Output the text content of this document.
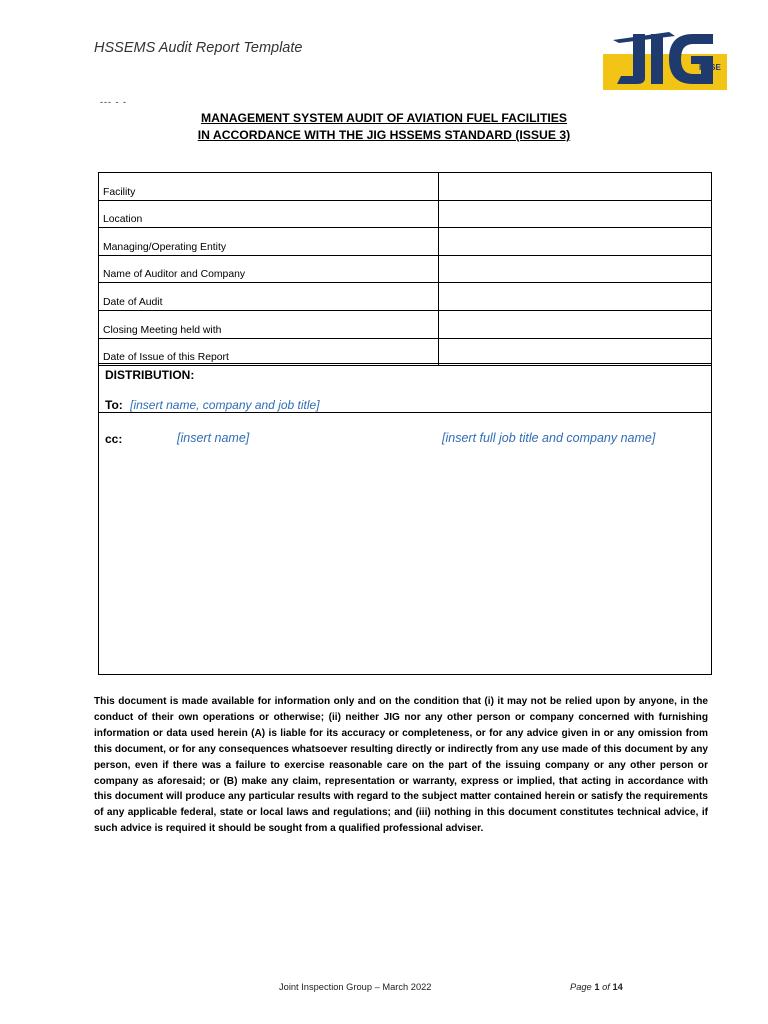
HSSEMS Audit Report Template
HSSE
--- - -
MANAGEMENT SYSTEM AUDIT OF AVIATION FUEL FACILITIES
IN ACCORDANCE WITH THE JIG HSSEMS STANDARD (ISSUE 3)
Facility	
Location	
Managing/Operating Entity	
Name of Auditor and Company	
Date of Audit	
Closing Meeting held with	
Date of Issue of this Report	
DISTRIBUTION:
To: [insert name, company and job title]
cc:	[insert name]	[insert full job title and company name]
This document is made available for information only and on the condition that (i) it may not be relied upon by anyone, in the conduct of their own operations or otherwise; (ii) neither JIG nor any other person or company concerned with furnishing information or data used herein (A) is liable for its accuracy or completeness, or for any advice given in or any omission from this document, or for any consequences whatsoever resulting directly or indirectly from any use made of this document by any person, even if there was a failure to exercise reasonable care on the part of the issuing company or any other person or company as aforesaid; or (B) make any claim, representation or warranty, express or implied, that acting in accordance with this document will produce any particular results with regard to the subject matter contained herein or satisfy the requirements of any applicable federal, state or local laws and regulations; and (iii) nothing in this document constitutes technical advice, if such advice is required it should be sought from a qualified professional adviser.
Joint Inspection Group – March 2022	Page 1 of 14
